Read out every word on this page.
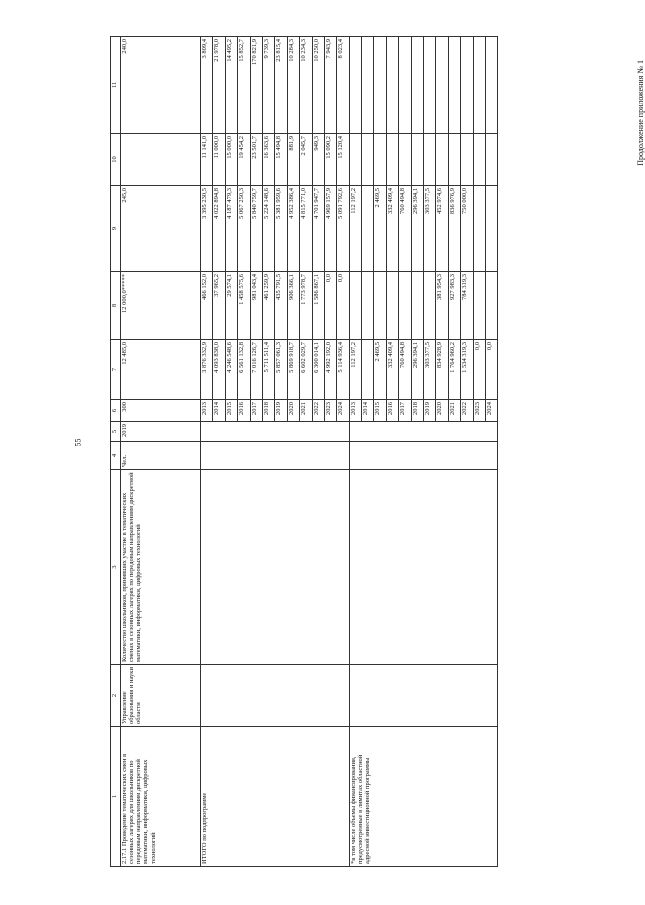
55
Продолжение приложения № 1
1	2	3	4	5	6	7	8	9	10	11
2.17.1 Проведение тематических смен в сезонных лагерях для школьников по передовым направлениям дискретной математики, информатики, цифровых технологий	Управление образования и науки области	Количество школьников, принявших участие в тематических сменах в сезонных лагерях по передовым направлениям дискретной математики, информатики, цифровых технологий	Чел.	2019	300	12 485,0	12 000,0*****	245,0		240,0
ИТОГО по подпрограмме					2013	3 876 332,9	466 152,0	3 395 230,5	11 141,0	3 809,4
					2014	4 093 838,0	37 965,2	4 022 894,8	11 000,0	21 978,0
					2015	4 246 548,6	29 574,1	4 187 479,3	15 000,0	14 495,2
					2016	6 561 132,8	1 458 575,6	5 067 250,3	19 454,2	15 852,7
					2017	7 016 126,7	981 043,4	5 840 759,7	23 501,7	170 821,9
					2018	5 711 511,4	461 259,9	5 224 148,6	16 363,6	9 739,3
					2019	5 857 061,3	435 791,5	5 381 959,6	15 494,8	23 815,4
					2020	5 869 918,7	906 366,1	4 952 386,4	881,9	10 284,3
					2021	6 602 029,7	1 773 978,7	4 815 771,0	2 045,7	10 234,3
					2022	6 300 014,1	1 586 867,1	4 701 947,7	949,3	10 250,0
					2023	4 992 192,0	0,0	4 969 157,9	15 090,2	7 943,9
					2024	5 114 936,4	0,0	5 091 792,6	15 120,4	8 023,4
*в том числе объемы финансирования, предусмотренные в лимитах областной адресной инвестиционной программы					2013	112 197,2		112 197,2		
					2014					
					2015	2 469,5		2 469,5		
					2016	332 409,4		332 409,4		
					2017	760 494,8		760 494,8		
					2018	296 394,1		296 394,1		
					2019	303 377,5		303 377,5		
					2020	834 928,9	381 954,3	452 974,6		
					2021	1 764 960,2	927 983,3	836 976,9		
					2022	1 534 319,3	784 319,3	750 000,0		
					2023	0,0				
					2024	0,0				
